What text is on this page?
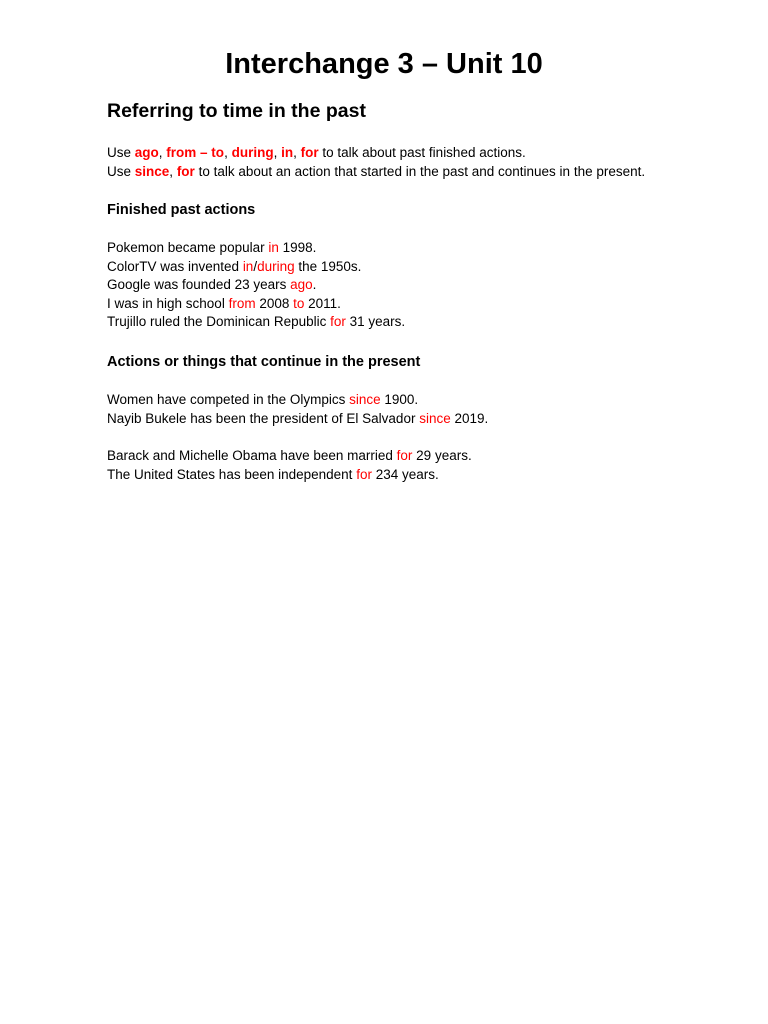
Interchange 3 – Unit 10
Referring to time in the past
Use ago, from – to, during, in, for to talk about past finished actions.
Use since, for to talk about an action that started in the past and continues in the present.
Finished past actions
Pokemon became popular in 1998.
ColorTV was invented in/during the 1950s.
Google was founded 23 years ago.
I was in high school from 2008 to 2011.
Trujillo ruled the Dominican Republic for 31 years.
Actions or things that continue in the present
Women have competed in the Olympics since 1900.
Nayib Bukele has been the president of El Salvador since 2019.
Barack and Michelle Obama have been married for 29 years.
The United States has been independent for 234 years.
